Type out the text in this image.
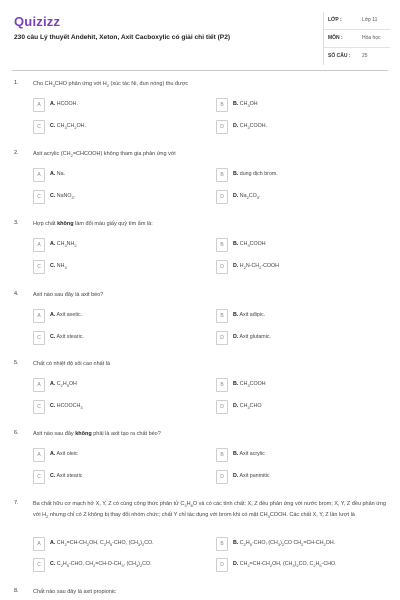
Quizizz
230 câu Lý thuyết Andehit, Xeton, Axit Cacboxylic có giải chi tiết (P2)
LỚP :	Lớp 11
MÔN :	Hóa học
SỐ CÂU : 25
1.	Cho $CH_3CHO$ phản ứng với $H_2$ (xúc tác Ni, đun nóng) thu được
A	A. HCOOH.	B	B. $CH_3OH$
C	C. $CH_3CH_2OH$.	D	D. $CH_3COOH$.
2.	Axit acrylic $(CH_2=CHCOOH)$ không tham gia phản ứng với
A	A. Na.	B	B. dung dịch brom.
C	C. NaNO$_3$.	D	D. $Na_2CO_3$.
3.	Hợp chất không làm đổi màu giấy quỳ tím ẩm là:
A	A. $CH_3NH_2$	B	B. $CH_3COOH$
C	C. $NH_3$	D	D. $H_2N-CH_2$-COOH
4.	Axit nào sau đây là axit béo?
A	A. Axit axetic.	B	B. Axit ađipic.
C	C. Axit stearic.	D	D. Axit glutamic.
5.	Chất có nhiệt độ sôi cao nhất là
A	A. $C_2H_5OH$	B	B. $CH_3COOH$
C	C. $HCOOCH_3$	D	D. $CH_3CHO$
6.	Axit nào sau đây không phải là axit tạo ra chất béo?
A	A. Axit oleic	B	B. Axit acrylic
C	C. Axit stearic	D	D. Axit panmitic
7.	Ba chất hữu cơ mạch hở X, Y, Z có cùng công thức phân tử $C_3H_6O$ và có các tính chất: X, Z đều phản ứng với nước brom; X, Y, Z đều phản ứng với $H_2$ nhưng chỉ có Z không bị thay đổi nhóm chức; chất Y chỉ tác dụng với brom khi có mặt $CH_3COOH$. Các chất X, Y, Z lần lượt là
A	A. $CH_2=CH-CH_2OH$, $C_2H_5$-CHO, $(CH_3)_2CO$.	B	B. $C_2H_5$-CHO, $(CH_3)_2CO$ $CH_2=CH-CH_2OH$.
C	C. $C_2H_5$-CHO, $CH_2=CH-O-CH_3$, $(CH_3)_2CO$.	D	D. $CH_2=CH-CH_2OH$, $(CH_3)_2CO$, $C_2H_5$-CHO.
8.	Chất nào sau đây là axit propionic
